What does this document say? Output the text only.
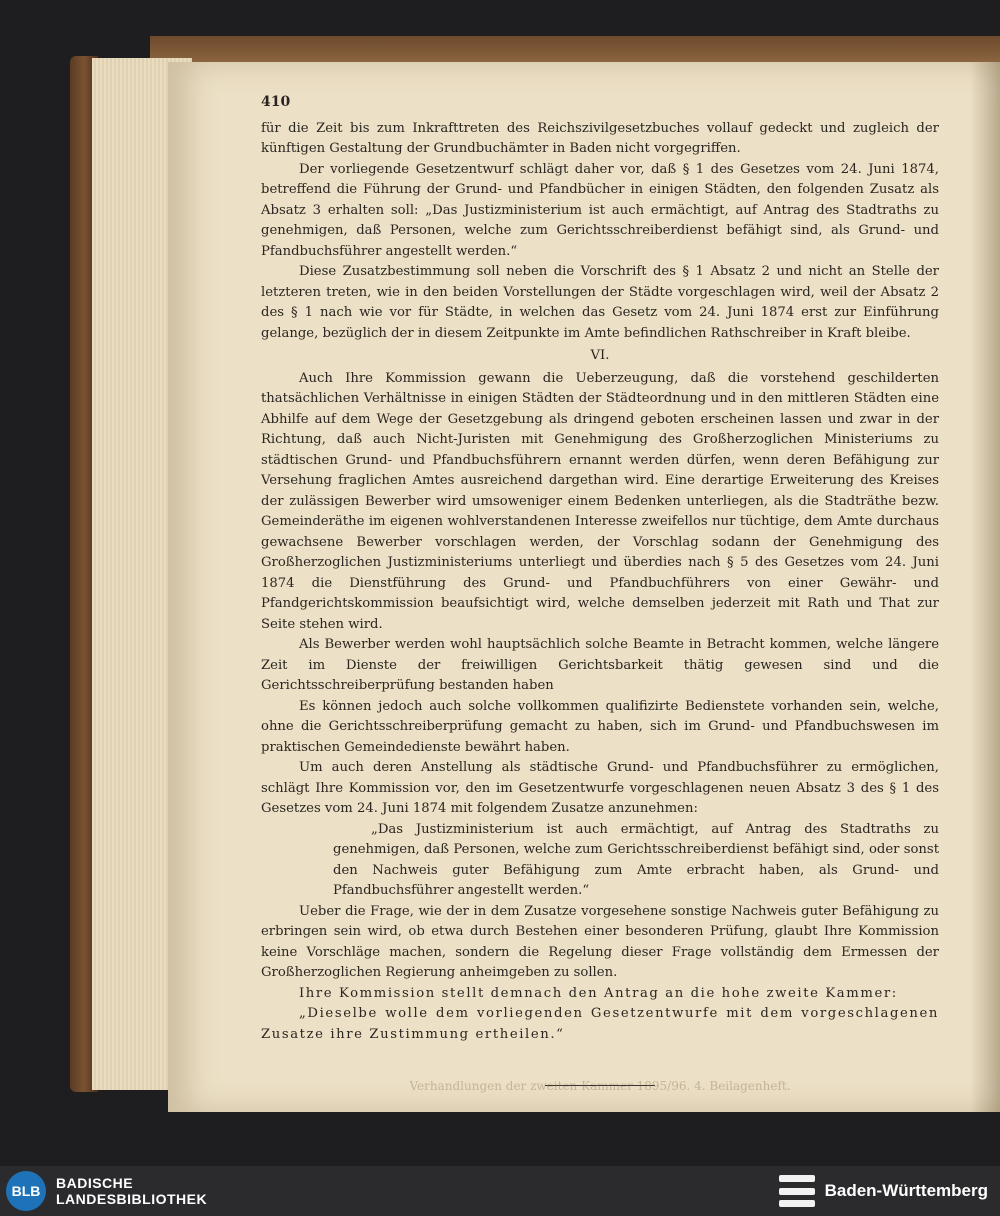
410

für die Zeit bis zum Inkrafttreten des Reichszivilgesetzbuches vollauf gedeckt und zugleich der künftigen Gestaltung der Grundbuchämter in Baden nicht vorgegriffen.

Der vorliegende Gesetzentwurf schlägt daher vor, daß § 1 des Gesetzes vom 24. Juni 1874, betreffend die Führung der Grund- und Pfandbücher in einigen Städten, den folgenden Zusatz als Absatz 3 erhalten soll: „Das Justizministerium ist auch ermächtigt, auf Antrag des Stadtraths zu genehmigen, daß Personen, welche zum Gerichtsschreiberdienst befähigt sind, als Grund- und Pfandbuchsführer angestellt werden.“

Diese Zusatzbestimmung soll neben die Vorschrift des § 1 Absatz 2 und nicht an Stelle der letzteren treten, wie in den beiden Vorstellungen der Städte vorgeschlagen wird, weil der Absatz 2 des § 1 nach wie vor für Städte, in welchen das Gesetz vom 24. Juni 1874 erst zur Einführung gelange, bezüglich der in diesem Zeitpunkte im Amte befindlichen Rathschreiber in Kraft bleibe.

VI.

Auch Ihre Kommission gewann die Ueberzeugung, daß die vorstehend geschilderten thatsächlichen Verhältnisse in einigen Städten der Städteordnung und in den mittleren Städten eine Abhilfe auf dem Wege der Gesetzgebung als dringend geboten erscheinen lassen und zwar in der Richtung, daß auch Nicht-Juristen mit Genehmigung des Großherzoglichen Ministeriums zu städtischen Grund- und Pfandbuchsführern ernannt werden dürfen, wenn deren Befähigung zur Versehung fraglichen Amtes ausreichend dargethan wird. Eine derartige Erweiterung des Kreises der zulässigen Bewerber wird umsoweniger einem Bedenken unterliegen, als die Stadträthe bezw. Gemeinderäthe im eigenen wohlverstandenen Interesse zweifellos nur tüchtige, dem Amte durchaus gewachsene Bewerber vorschlagen werden, der Vorschlag sodann der Genehmigung des Großherzoglichen Justizministeriums unterliegt und überdies nach § 5 des Gesetzes vom 24. Juni 1874 die Dienstführung des Grund- und Pfandbuchführers von einer Gewähr- und Pfandgerichtskommission beaufsichtigt wird, welche demselben jederzeit mit Rath und That zur Seite stehen wird.

Als Bewerber werden wohl hauptsächlich solche Beamte in Betracht kommen, welche längere Zeit im Dienste der freiwilligen Gerichtsbarkeit thätig gewesen sind und die Gerichtsschreiberprüfung bestanden haben

Es können jedoch auch solche vollkommen qualifizirte Bedienstete vorhanden sein, welche, ohne die Gerichtsschreiberprüfung gemacht zu haben, sich im Grund- und Pfandbuchswesen im praktischen Gemeindedienste bewährt haben.

Um auch deren Anstellung als städtische Grund- und Pfandbuchsführer zu ermöglichen, schlägt Ihre Kommission vor, den im Gesetzentwurfe vorgeschlagenen neuen Absatz 3 des § 1 des Gesetzes vom 24. Juni 1874 mit folgendem Zusatze anzunehmen:

„Das Justizministerium ist auch ermächtigt, auf Antrag des Stadtraths zu genehmigen, daß Personen, welche zum Gerichtsschreiberdienst befähigt sind, oder sonst den Nachweis guter Befähigung zum Amte erbracht haben, als Grund- und Pfandbuchsführer angestellt werden.“

Ueber die Frage, wie der in dem Zusatze vorgesehene sonstige Nachweis guter Befähigung zu erbringen sein wird, ob etwa durch Bestehen einer besonderen Prüfung, glaubt Ihre Kommission keine Vorschläge machen, sondern die Regelung dieser Frage vollständig dem Ermessen der Großherzoglichen Regierung anheimgeben zu sollen.

Ihre Kommission stellt demnach den Antrag an die hohe zweite Kammer:

„Dieselbe wolle dem vorliegenden Gesetzentwurfe mit dem vorgeschlagenen Zusatze ihre Zustimmung ertheilen.“

Verhandlungen der zweiten Kammer 1895/96. 4. Beilagenheft.
BLB	BADISCHE
LANDESBIBLIOTHEK	Baden-Württemberg
